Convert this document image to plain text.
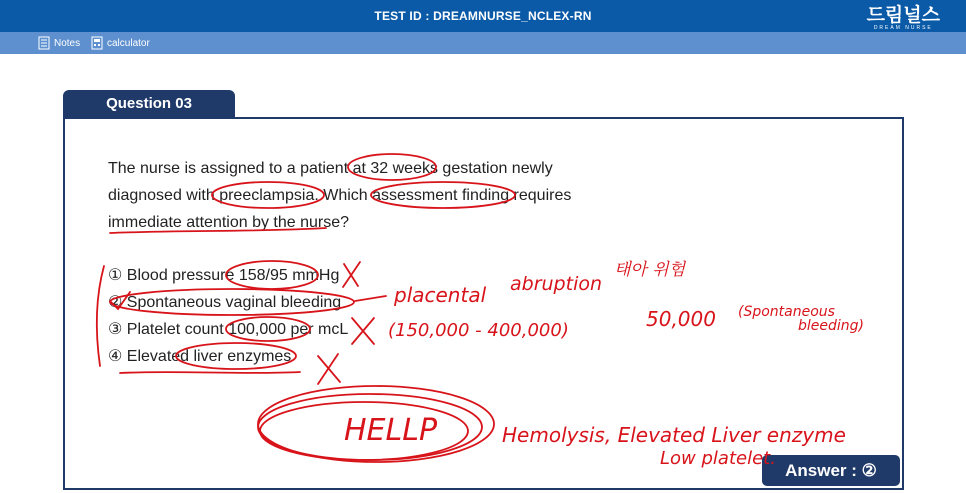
TEST ID : DREAMNURSE_NCLEX-RN	드림널스
DREAM NURSE
Notes	calculator
Question 03
The nurse is assigned to a patient at 32 weeks gestation newly diagnosed with preeclampsia. Which assessment finding requires immediate attention by the nurse?
① Blood pressure 158/95 mmHg
② Spontaneous vaginal bleeding
③ Platelet count 100,000 per mcL
④ Elevated liver enzymes
Answer : ②
placental abruption
태아 위험
(150,000 - 400,000)	50,000 (Spontaneous
bleeding)
HELLP	Hemolysis, Elevated Liver enzyme
Low platelet.
